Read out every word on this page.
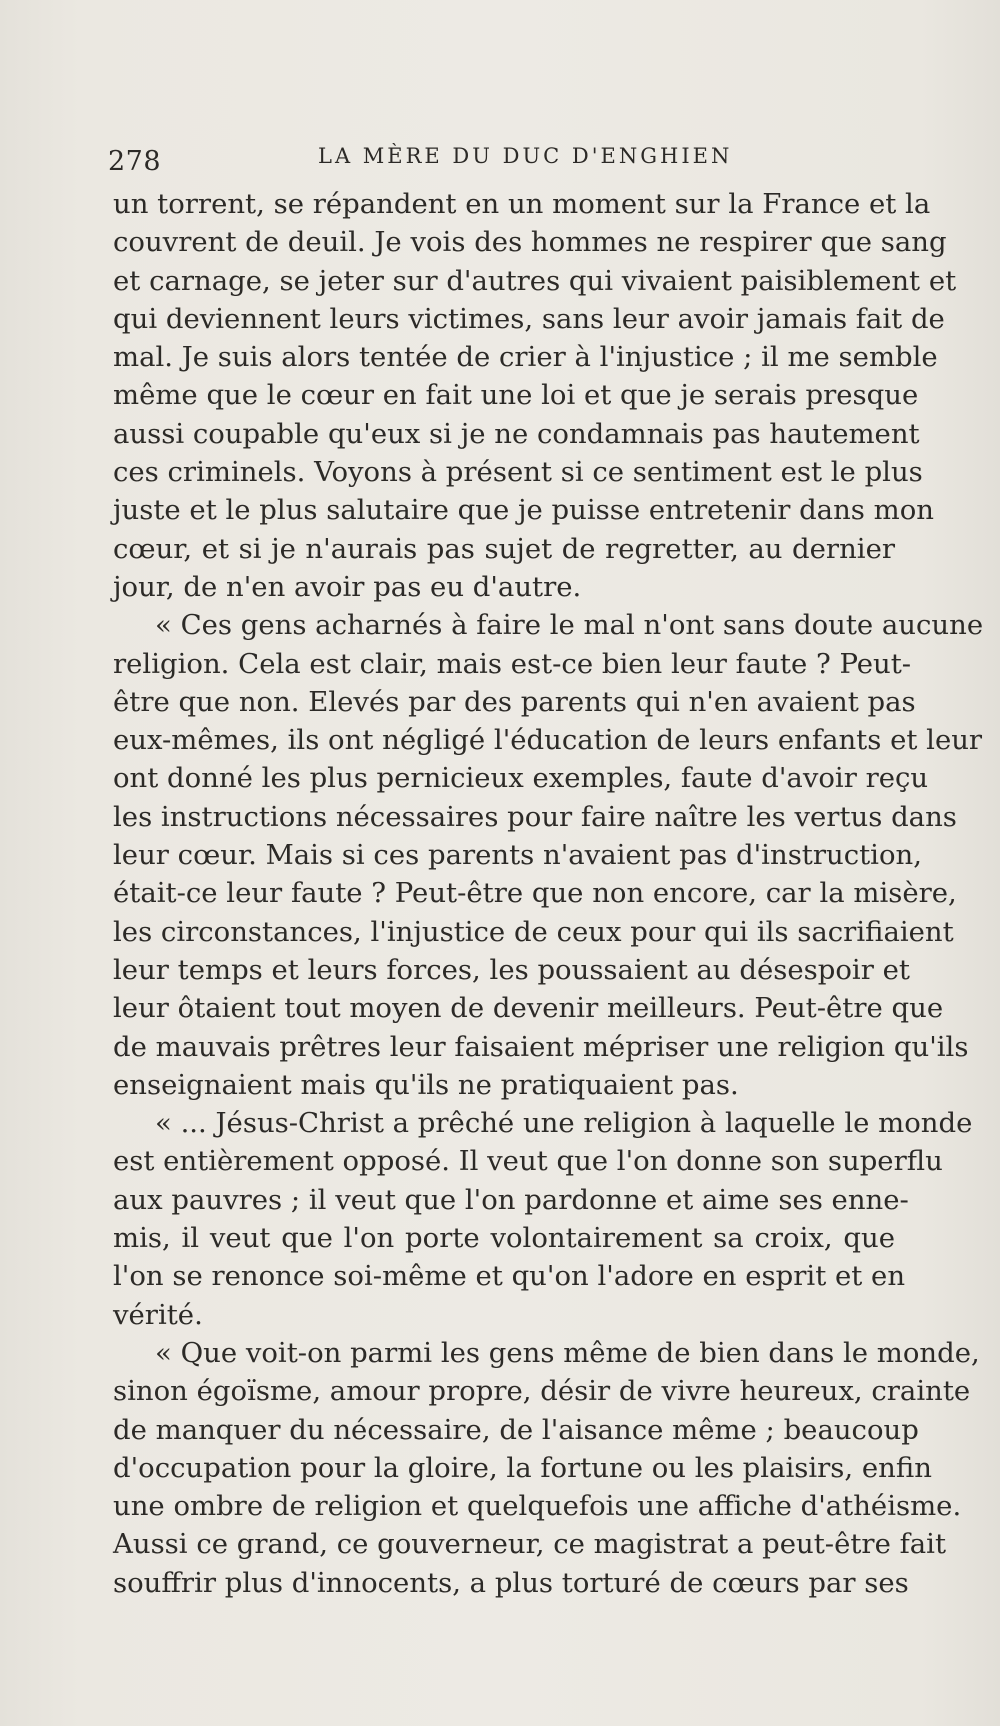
278	LA MÈRE DU DUC D'ENGHIEN
un torrent, se répandent en un moment sur la France et la
couvrent de deuil. Je vois des hommes ne respirer que sang
et carnage, se jeter sur d'autres qui vivaient paisiblement et
qui deviennent leurs victimes, sans leur avoir jamais fait de
mal. Je suis alors tentée de crier à l'injustice ; il me semble
même que le cœur en fait une loi et que je serais presque
aussi coupable qu'eux si je ne condamnais pas hautement
ces criminels. Voyons à présent si ce sentiment est le plus
juste et le plus salutaire que je puisse entretenir dans mon
cœur, et si je n'aurais pas sujet de regretter, au dernier
jour, de n'en avoir pas eu d'autre.
« Ces gens acharnés à faire le mal n'ont sans doute aucune
religion. Cela est clair, mais est-ce bien leur faute ? Peut-
être que non. Elevés par des parents qui n'en avaient pas
eux-mêmes, ils ont négligé l'éducation de leurs enfants et leur
ont donné les plus pernicieux exemples, faute d'avoir reçu
les instructions nécessaires pour faire naître les vertus dans
leur cœur. Mais si ces parents n'avaient pas d'instruction,
était-ce leur faute ? Peut-être que non encore, car la misère,
les circonstances, l'injustice de ceux pour qui ils sacrifiaient
leur temps et leurs forces, les poussaient au désespoir et
leur ôtaient tout moyen de devenir meilleurs. Peut-être que
de mauvais prêtres leur faisaient mépriser une religion qu'ils
enseignaient mais qu'ils ne pratiquaient pas.
« ... Jésus-Christ a prêché une religion à laquelle le monde
est entièrement opposé. Il veut que l'on donne son superflu
aux pauvres ; il veut que l'on pardonne et aime ses enne-
mis, il veut que l'on porte volontairement sa croix, que
l'on se renonce soi-même et qu'on l'adore en esprit et en
vérité.
« Que voit-on parmi les gens même de bien dans le monde,
sinon égoïsme, amour propre, désir de vivre heureux, crainte
de manquer du nécessaire, de l'aisance même ; beaucoup
d'occupation pour la gloire, la fortune ou les plaisirs, enfin
une ombre de religion et quelquefois une affiche d'athéisme.
Aussi ce grand, ce gouverneur, ce magistrat a peut-être fait
souffrir plus d'innocents, a plus torturé de cœurs par ses
